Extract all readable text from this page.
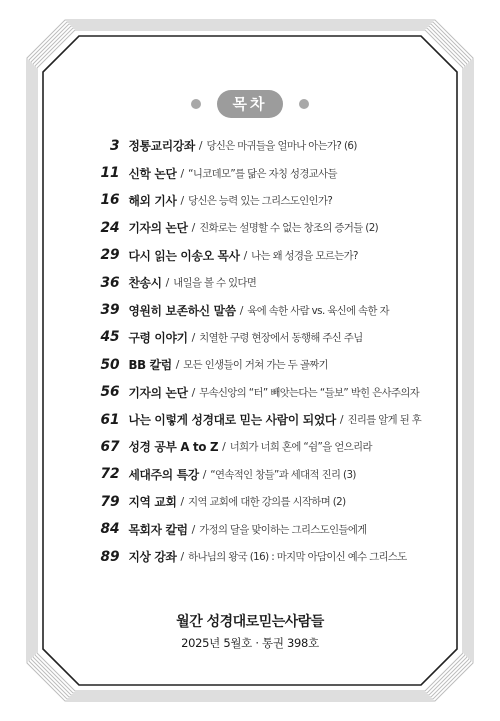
목차
3 정통교리강좌 / 당신은 마귀들을 얼마나 아는가? (6)
11 신학 논단 / “니코데모”를 닮은 자칭 성경교사들
16 해외 기사 / 당신은 능력 있는 그리스도인인가?
24 기자의 논단 / 진화로는 설명할 수 없는 창조의 증거들 (2)
29 다시 읽는 이송오 목사 / 나는 왜 성경을 모르는가?
36 찬송시 / 내일을 볼 수 있다면
39 영원히 보존하신 말씀 / 육에 속한 사람 vs. 육신에 속한 자
45 구령 이야기 / 치열한 구령 현장에서 동행해 주신 주님
50 BB 칼럼 / 모든 인생들이 거쳐 가는 두 골짜기
56 기자의 논단 / 무속신앙의 “터” 빼앗는다는 “들보” 박힌 은사주의자
61 나는 이렇게 성경대로 믿는 사람이 되었다 / 진리를 알게 된 후
67 성경 공부 A to Z / 너희가 너희 혼에 “쉼”을 얻으리라
72 세대주의 특강 / “연속적인 창들”과 세대적 진리 (3)
79 지역 교회 / 지역 교회에 대한 강의를 시작하며 (2)
84 목회자 칼럼 / 가정의 달을 맞이하는 그리스도인들에게
89 지상 강좌 / 하나님의 왕국 (16) : 마지막 아담이신 예수 그리스도
월간 성경대로믿는사람들
2025년 5월호 · 통권 398호
